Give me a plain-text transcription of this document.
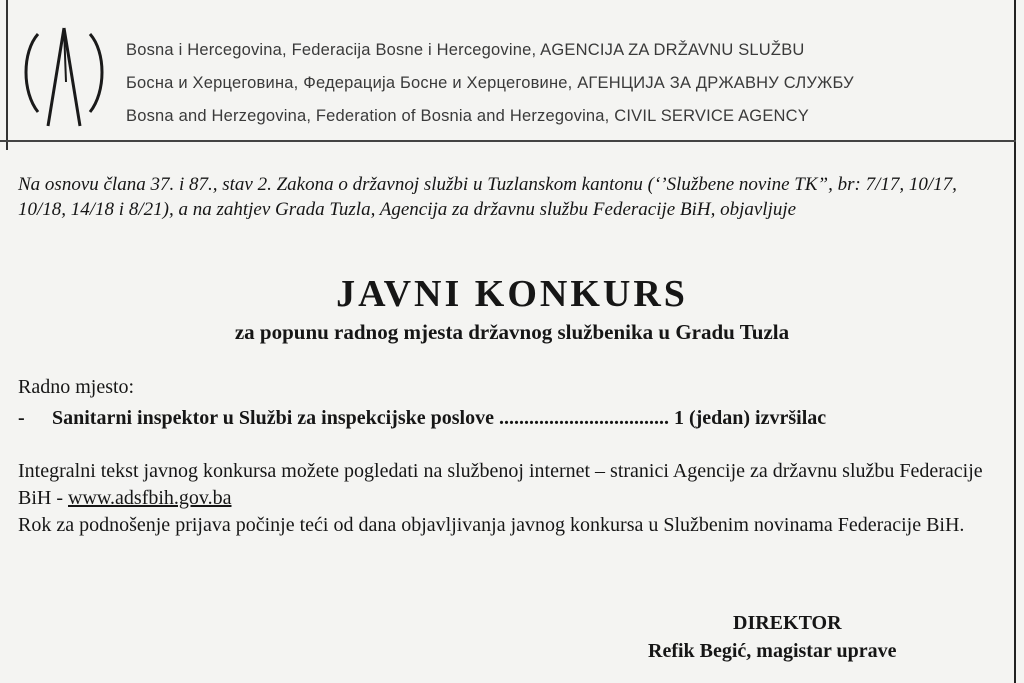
Bosna i Hercegovina, Federacija Bosne i Hercegovine, AGENCIJA ZA DRŽAVNU SLUŽBU
Босна и Херцеговина, Федерација Босне и Херцеговине, АГЕНЦИЈА ЗА ДРЖАВНУ СЛУЖБУ
Bosna and Herzegovina, Federation of Bosnia and Herzegovina, CIVIL SERVICE AGENCY
Na osnovu člana 37. i 87., stav 2. Zakona o državnoj službi u Tuzlanskom kantonu (‘’Službene novine TK”, br: 7/17, 10/17, 10/18, 14/18 i 8/21), a na zahtjev Grada Tuzla, Agencija za državnu službu Federacije BiH, objavljuje
JAVNI KONKURS
za popunu radnog mjesta državnog službenika u Gradu Tuzla
Radno mjesto:
- Sanitarni inspektor u Službi za inspekcijske poslove .................................. 1 (jedan) izvršilac

Integralni tekst javnog konkursa možete pogledati na službenoj internet – stranici Agencije za državnu službu Federacije BiH - www.adsfbih.gov.ba

Rok za podnošenje prijava počinje teći od dana objavljivanja javnog konkursa u Službenim novinama Federacije BiH.

DIREKTOR
Refik Begić, magistar uprave
